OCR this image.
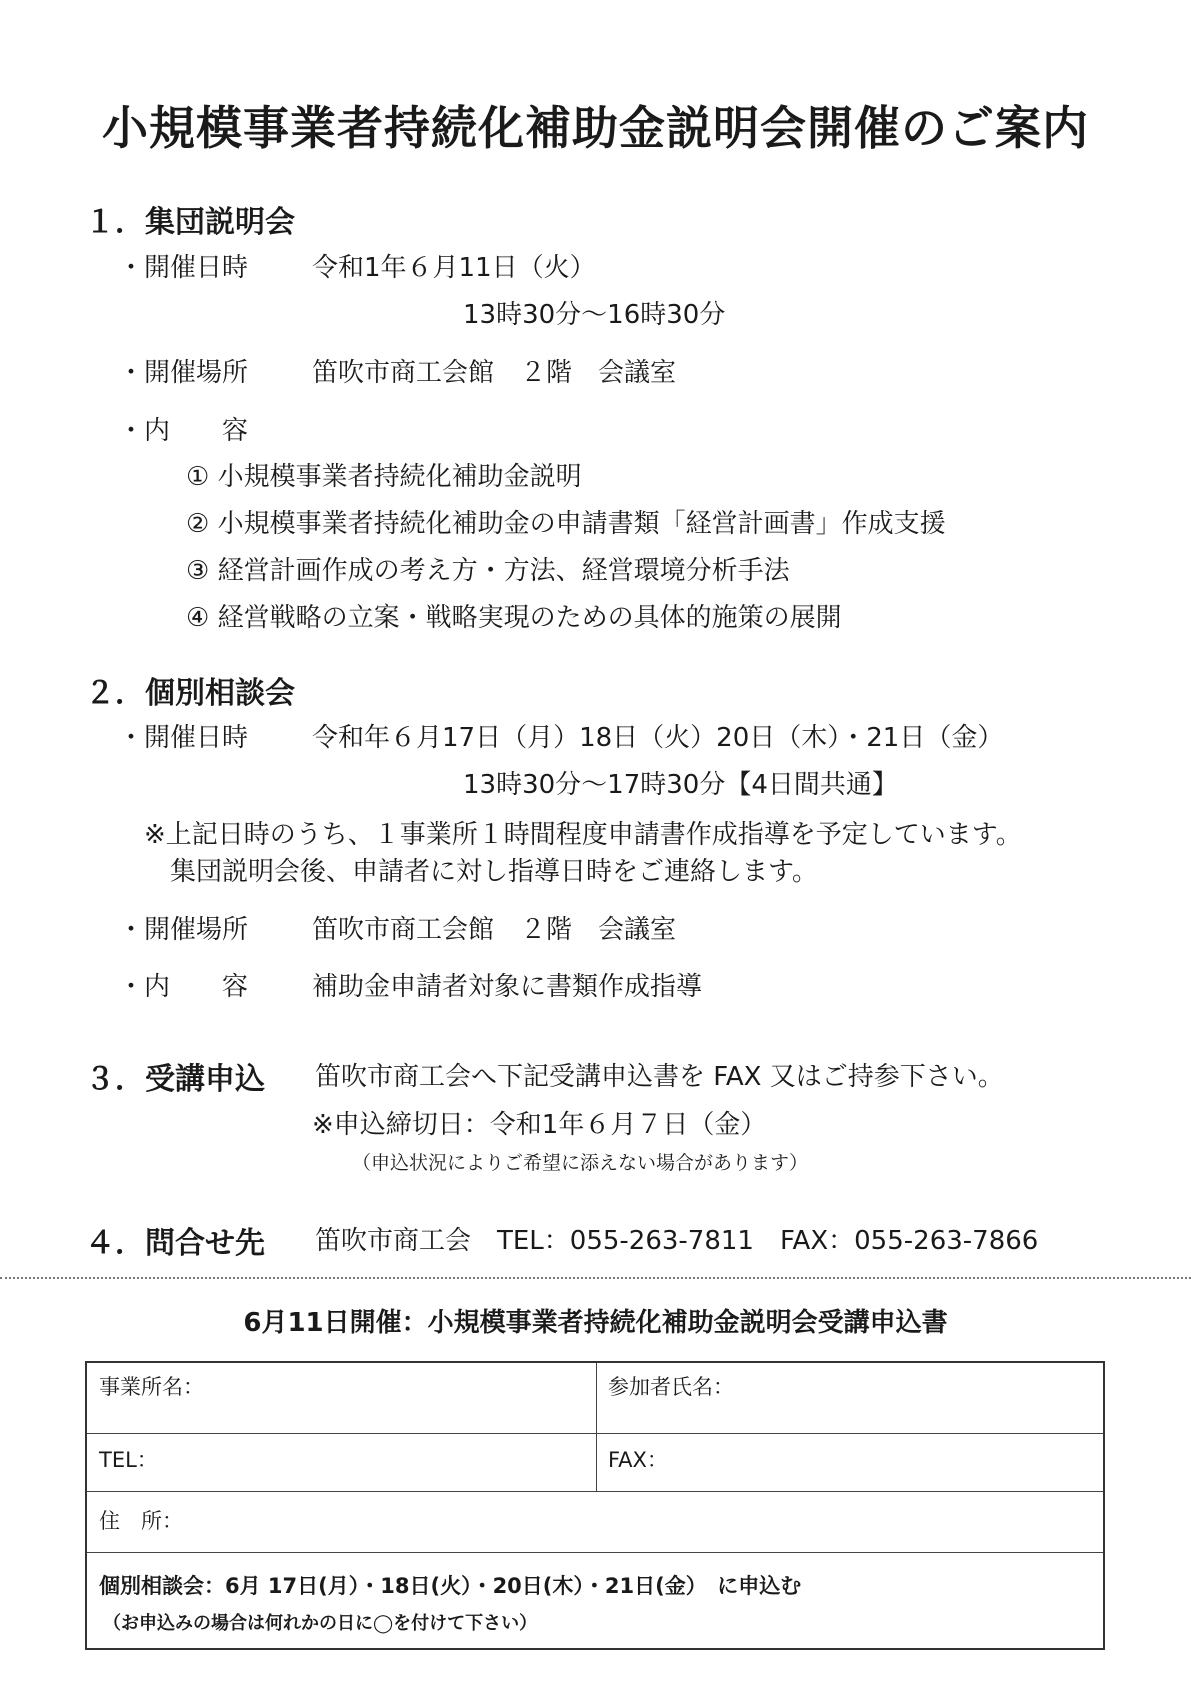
小規模事業者持続化補助金説明会開催のご案内
１．集団説明会
・開催日時 令和1年６月11日（火）
13時30分〜16時30分
・開催場所 笛吹市商工会館　２階　会議室
・内　　容
① 小規模事業者持続化補助金説明
② 小規模事業者持続化補助金の申請書類「経営計画書」作成支援
③ 経営計画作成の考え方・方法、経営環境分析手法
④ 経営戦略の立案・戦略実現のための具体的施策の展開
２．個別相談会
・開催日時 令和年６月17日（月）18日（火）20日（木）・21日（金）
13時30分〜17時30分【4日間共通】
※上記日時のうち、１事業所１時間程度申請書作成指導を予定しています。
集団説明会後、申請者に対し指導日時をご連絡します。
・開催場所 笛吹市商工会館　２階　会議室
・内　　容 補助金申請者対象に書類作成指導
３．受講申込 笛吹市商工会へ下記受講申込書を FAX 又はご持参下さい。
※申込締切日：令和1年６月７日（金）
（申込状況によりご希望に添えない場合があります）
４．問合せ先 笛吹市商工会　TEL：055-263-7811　FAX：055-263-7866
6月11日開催：小規模事業者持続化補助金説明会受講申込書
事業所名：	参加者氏名：
TEL：	FAX：
住　所：
個別相談会：6月 17日(月）・18日(火）・20日(木）・21日(金）　に申込む
（お申込みの場合は何れかの日に◯を付けて下さい）
